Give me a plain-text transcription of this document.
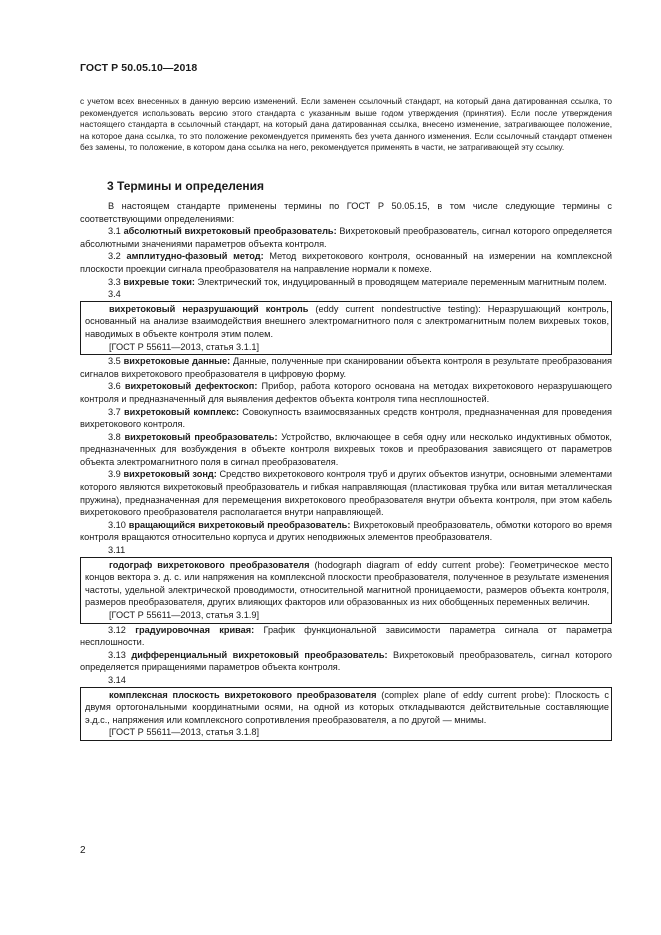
ГОСТ Р 50.05.10—2018
с учетом всех внесенных в данную версию изменений. Если заменен ссылочный стандарт, на который дана датированная ссылка, то рекомендуется использовать версию этого стандарта с указанным выше годом утверждения (принятия). Если после утверждения настоящего стандарта в ссылочный стандарт, на который дана датированная ссылка, внесено изменение, затрагивающее положение, на которое дана ссылка, то это положение рекомендуется применять без учета данного изменения. Если ссылочный стандарт отменен без замены, то положение, в котором дана ссылка на него, рекомендуется применять в части, не затрагивающей эту ссылку.
3 Термины и определения

В настоящем стандарте применены термины по ГОСТ Р 50.05.15, в том числе следующие термины с соответствующими определениями:

3.1 абсолютный вихретоковый преобразователь: Вихретоковый преобразователь, сигнал которого определяется абсолютными значениями параметров объекта контроля.

3.2 амплитудно-фазовый метод: Метод вихретокового контроля, основанный на измерении на комплексной плоскости проекции сигнала преобразователя на направление нормали к помехе.

3.3 вихревые токи: Электрический ток, индуцированный в проводящем материале переменным магнитным полем.

3.4

вихретоковый неразрушающий контроль (eddy current nondestructive testing): Неразрушающий контроль, основанный на анализе взаимодействия внешнего электромагнитного поля с электромагнитным полем вихревых токов, наводимых в объекте контроля этим полем.

[ГОСТ Р 55611—2013, статья 3.1.1]

3.5 вихретоковые данные: Данные, полученные при сканировании объекта контроля в результате преобразования сигналов вихретокового преобразователя в цифровую форму.

3.6 вихретоковый дефектоскоп: Прибор, работа которого основана на методах вихретокового неразрушающего контроля и предназначенный для выявления дефектов объекта контроля типа несплошностей.

3.7 вихретоковый комплекс: Совокупность взаимосвязанных средств контроля, предназначенная для проведения вихретокового контроля.

3.8 вихретоковый преобразователь: Устройство, включающее в себя одну или несколько индуктивных обмоток, предназначенных для возбуждения в объекте контроля вихревых токов и преобразования зависящего от параметров объекта электромагнитного поля в сигнал преобразователя.

3.9 вихретоковый зонд: Средство вихретокового контроля труб и других объектов изнутри, основными элементами которого являются вихретоковый преобразователь и гибкая направляющая (пластиковая трубка или витая металлическая пружина), предназначенная для перемещения вихретокового преобразователя внутри объекта контроля, при этом кабель вихретокового преобразователя располагается внутри направляющей.

3.10 вращающийся вихретоковый преобразователь: Вихретоковый преобразователь, обмотки которого во время контроля вращаются относительно корпуса и других неподвижных элементов преобразователя.

3.11

годограф вихретокового преобразователя (hodograph diagram of eddy current probe): Геометрическое место концов вектора э. д. с. или напряжения на комплексной плоскости преобразователя, полученное в результате изменения частоты, удельной электрической проводимости, относительной магнитной проницаемости, размеров объекта контроля, размеров преобразователя, других влияющих факторов или образованных из них обобщенных переменных величин.

[ГОСТ Р 55611—2013, статья 3.1.9]

3.12 градуировочная кривая: График функциональной зависимости параметра сигнала от параметра несплошности.

3.13 дифференциальный вихретоковый преобразователь: Вихретоковый преобразователь, сигнал которого определяется приращениями параметров объекта контроля.

3.14

комплексная плоскость вихретокового преобразователя (complex plane of eddy current probe): Плоскость с двумя ортогональными координатными осями, на одной из которых откладываются действительные составляющие э.д.с., напряжения или комплексного сопротивления преобразователя, а по другой — мнимы.

[ГОСТ Р 55611—2013, статья 3.1.8]

2
